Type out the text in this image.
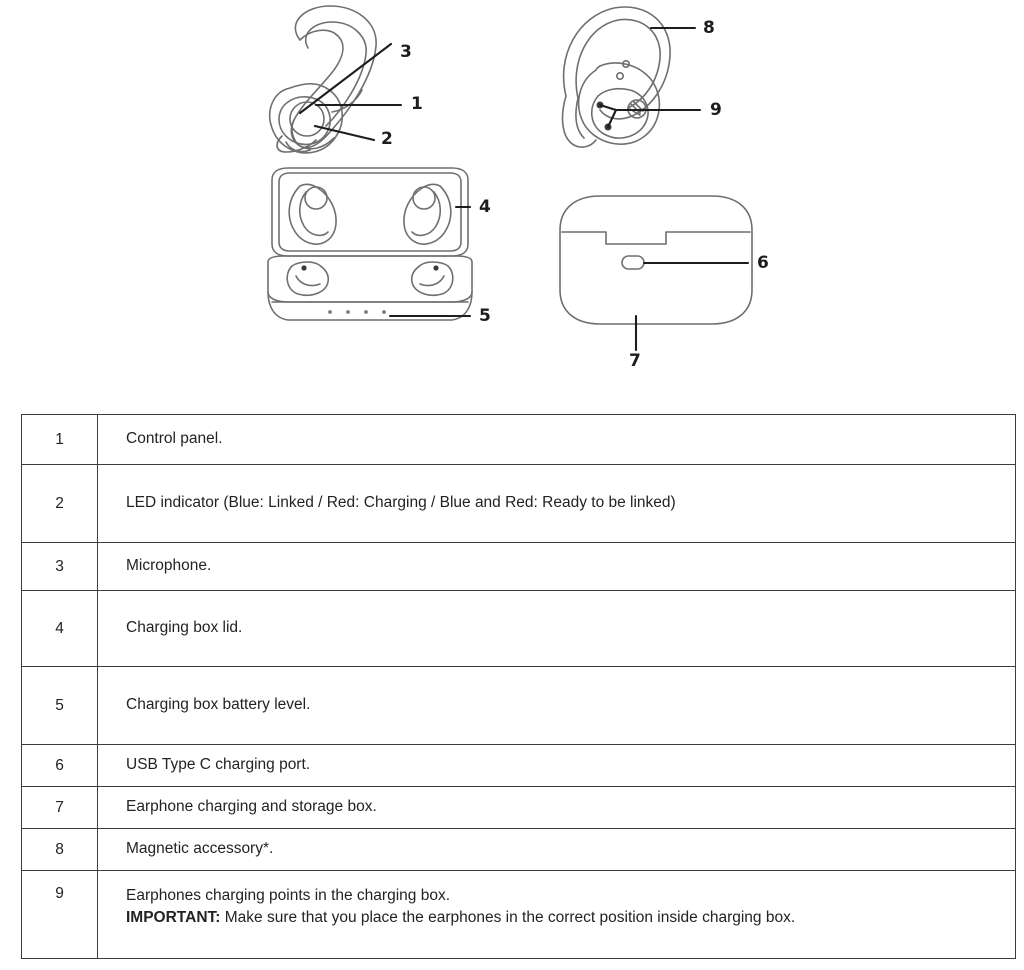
3
1
2
8
9
4
5
6
7
1	Control panel.
2	LED indicator (Blue: Linked / Red: Charging / Blue and Red: Ready to be linked)
3	Microphone.
4	Charging box lid.
5	Charging box battery level.
6	USB Type C charging port.
7	Earphone charging and storage box.
8	Magnetic accessory*.
9	Earphones charging points in the charging box.
IMPORTANT: Make sure that you place the earphones in the correct position inside charging box.
